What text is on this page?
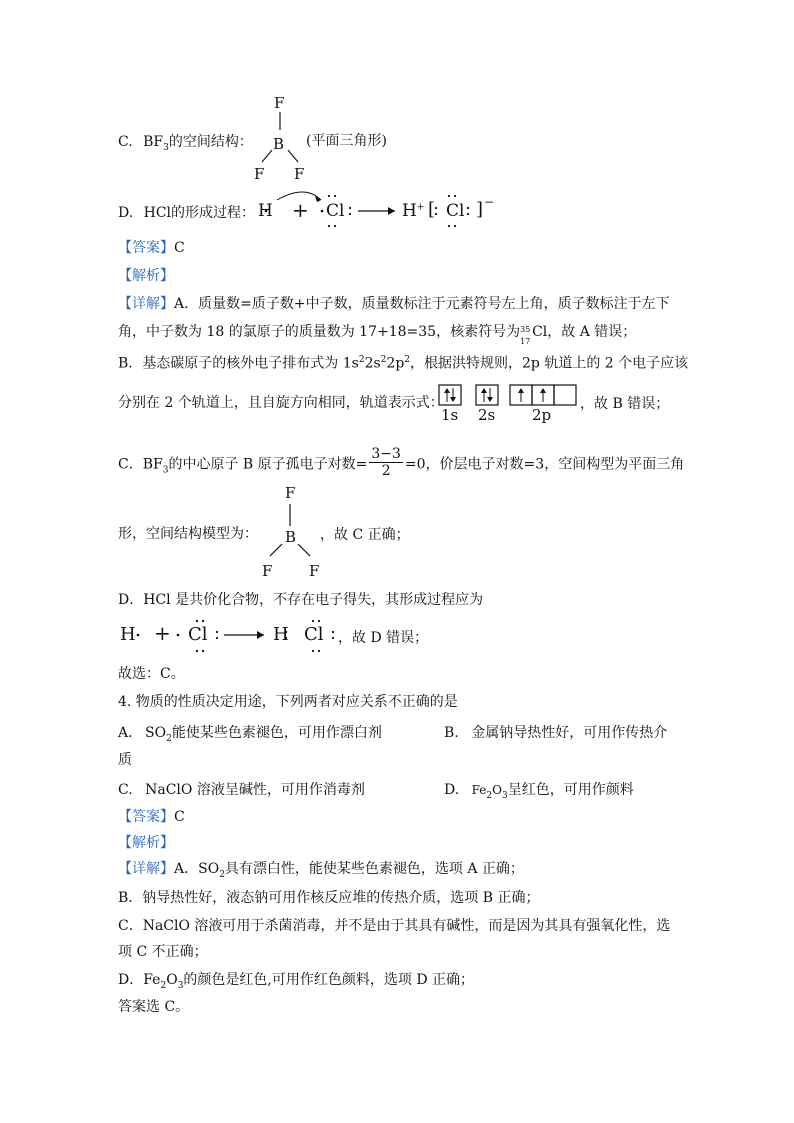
C. $BF_3$的空间结构：
F
B
F F
(平面三角形)
D. HCl的形成过程： H + Cl	H+ [ Cl ] −
【答案】C
【解析】
【详解】A．质量数=质子数+中子数，质量数标注于元素符号左上角，质子数标注于左下
角，中子数为 18 的氯原子的质量数为 17+18=35，核素符号为 35
17
Cl，故 A 错误；
B．基态碳原子的核外电子排布式为 $1s^22s^22p^2$，根据洪特规则，2p 轨道上的 2 个电子应该
分别在 2 个轨道上，且自旋方向相同，轨道表示式：
1s 2s 2p
，故 B 错误；
C．$BF_3$的中心原子 B 原子孤电子对数= $\frac{3-3}{2} =0$，价层电子对数=3，空间构型为平面三角
形，空间结构模型为：
F
B
F F
，故 C 正确；
D．HCl 是共价化合物，不存在电子得失，其形成过程应为
H + Cl	H Cl ，故 D 错误；
故选：C。
4. 物质的性质决定用途，下列两者对应关系不正确的是
A. $SO_2$能使某些色素褪色，可用作漂白剂	B. 金属钠导热性好，可用作传热介
质
C. NaClO 溶液呈碱性，可用作消毒剂	D. $Fe_2O_3$呈红色，可用作颜料
【答案】C
【解析】
【详解】A．$SO_2$具有漂白性，能使某些色素褪色，选项 A 正确；
B．钠导热性好，液态钠可用作核反应堆的传热介质，选项 B 正确；
C．NaClO 溶液可用于杀菌消毒，并不是由于其具有碱性，而是因为其具有强氧化性，选
项 C 不正确；
D．$Fe_2O_3$的颜色是红色,可用作红色颜料，选项 D 正确；
答案选 C。
